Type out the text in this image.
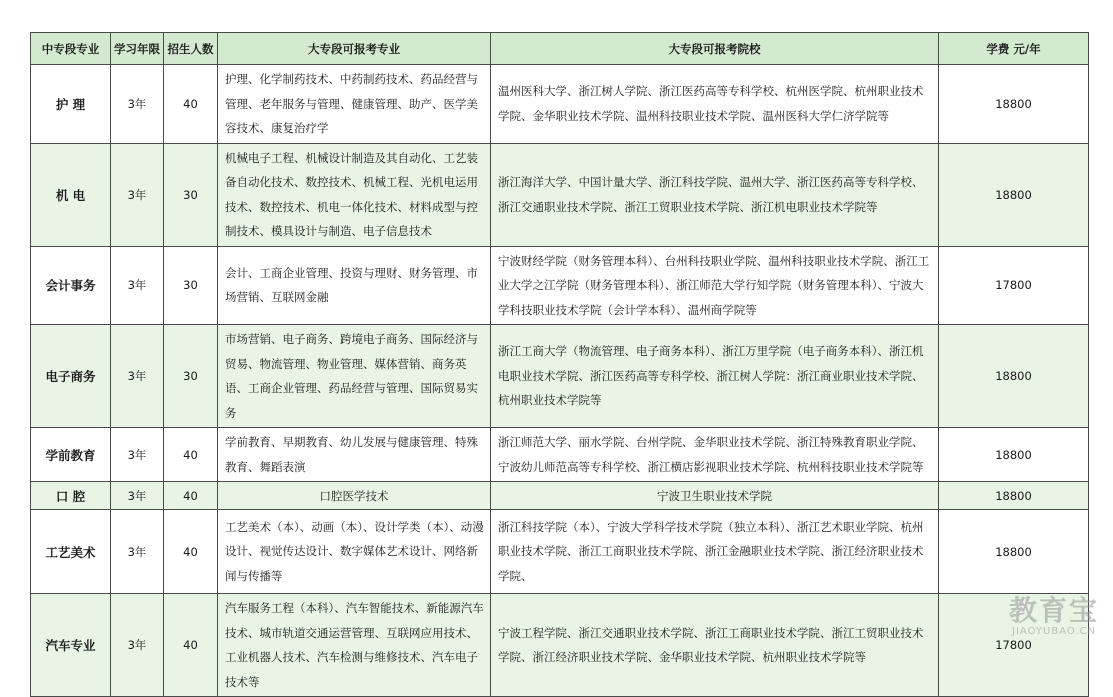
中专段专业	学习年限	招生人数	大专段可报考专业	大专段可报考院校	学费 元/年
护 理	3年	40	护理、化学制药技术、中药制药技术、药品经营与管理、老年服务与管理、健康管理、助产、医学美容技术、康复治疗学	温州医科大学、浙江树人学院、浙江医药高等专科学校、杭州医学院、杭州职业技术学院、金华职业技术学院、温州科技职业技术学院、温州医科大学仁济学院等	18800
机 电	3年	30	机械电子工程、机械设计制造及其自动化、工艺装备自动化技术、数控技术、机械工程、光机电运用技术、数控技术、机电一体化技术、材料成型与控制技术、模具设计与制造、电子信息技术	浙江海洋大学、中国计量大学、浙江科技学院、温州大学、浙江医药高等专科学校、浙江交通职业技术学院、浙江工贸职业技术学院、浙江机电职业技术学院等	18800
会计事务	3年	30	会计、工商企业管理、投资与理财、财务管理、市场营销、互联网金融	宁波财经学院（财务管理本科）、台州科技职业学院、温州科技职业技术学院、浙江工业大学之江学院（财务管理本科）、浙江师范大学行知学院（财务管理本科）、宁波大学科技职业技术学院（会计学本科）、温州商学院等	17800
电子商务	3年	30	市场营销、电子商务、跨境电子商务、国际经济与贸易、物流管理、物业管理、媒体营销、商务英语、工商企业管理、药品经营与管理、国际贸易实务	浙江工商大学（物流管理、电子商务本科）、浙江万里学院（电子商务本科）、浙江机电职业技术学院、浙江医药高等专科学校、浙江树人学院：浙江商业职业技术学院、杭州职业技术学院等	18800
学前教育	3年	40	学前教育、早期教育、幼儿发展与健康管理、特殊教育、舞蹈表演	浙江师范大学、丽水学院、台州学院、金华职业技术学院、浙江特殊教育职业学院、宁波幼儿师范高等专科学校、浙江横店影视职业技术学院、杭州科技职业技术学院等	18800
口 腔	3年	40	口腔医学技术	宁波卫生职业技术学院	18800
工艺美术	3年	40	工艺美术（本）、动画（本）、设计学类（本）、动漫设计、视觉传达设计、数字媒体艺术设计、网络新闻与传播等	浙江科技学院（本）、宁波大学科学技术学院（独立本科）、浙江艺术职业学院、杭州职业技术学院、浙江工商职业技术学院、浙江金融职业技术学院、浙江经济职业技术学院、	18800
汽车专业	3年	40	汽车服务工程（本科）、汽车智能技术、新能源汽车技术、城市轨道交通运营管理、互联网应用技术、工业机器人技术、汽车检测与维修技术、汽车电子技术等	宁波工程学院、浙江交通职业技术学院、浙江工商职业技术学院、浙江工贸职业技术学院、浙江经济职业技术学院、金华职业技术学院、杭州职业技术学院等	17800
教育宝
JIAOYUBAO.CN
